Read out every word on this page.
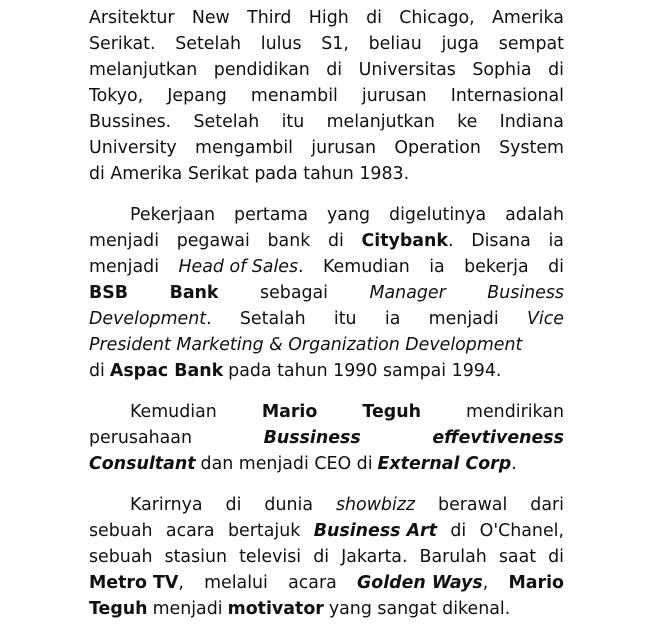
Arsitektur New Third High di Chicago, Amerika
Serikat. Setelah lulus S1, beliau juga sempat
melanjutkan pendidikan di Universitas Sophia di
Tokyo, Jepang menambil jurusan Internasional
Bussines. Setelah itu melanjutkan ke Indiana
University mengambil jurusan Operation System
di Amerika Serikat pada tahun 1983.
Pekerjaan pertama yang digelutinya adalah
menjadi pegawai bank di Citybank. Disana ia
menjadi Head of Sales. Kemudian ia bekerja di
BSB Bank sebagai Manager Business
Development. Setalah itu ia menjadi Vice
President Marketing & Organization Development
di Aspac Bank pada tahun 1990 sampai 1994.
Kemudian	Mario	Teguh	mendirikan
perusahaan	Bussiness	effevtiveness
Consultant dan menjadi CEO di External Corp.
Karirnya di dunia showbizz berawal dari
sebuah acara bertajuk Business Art di O'Chanel,
sebuah stasiun televisi di Jakarta. Barulah saat di
Metro TV, melalui acara Golden Ways, Mario
Teguh menjadi motivator yang sangat dikenal.
